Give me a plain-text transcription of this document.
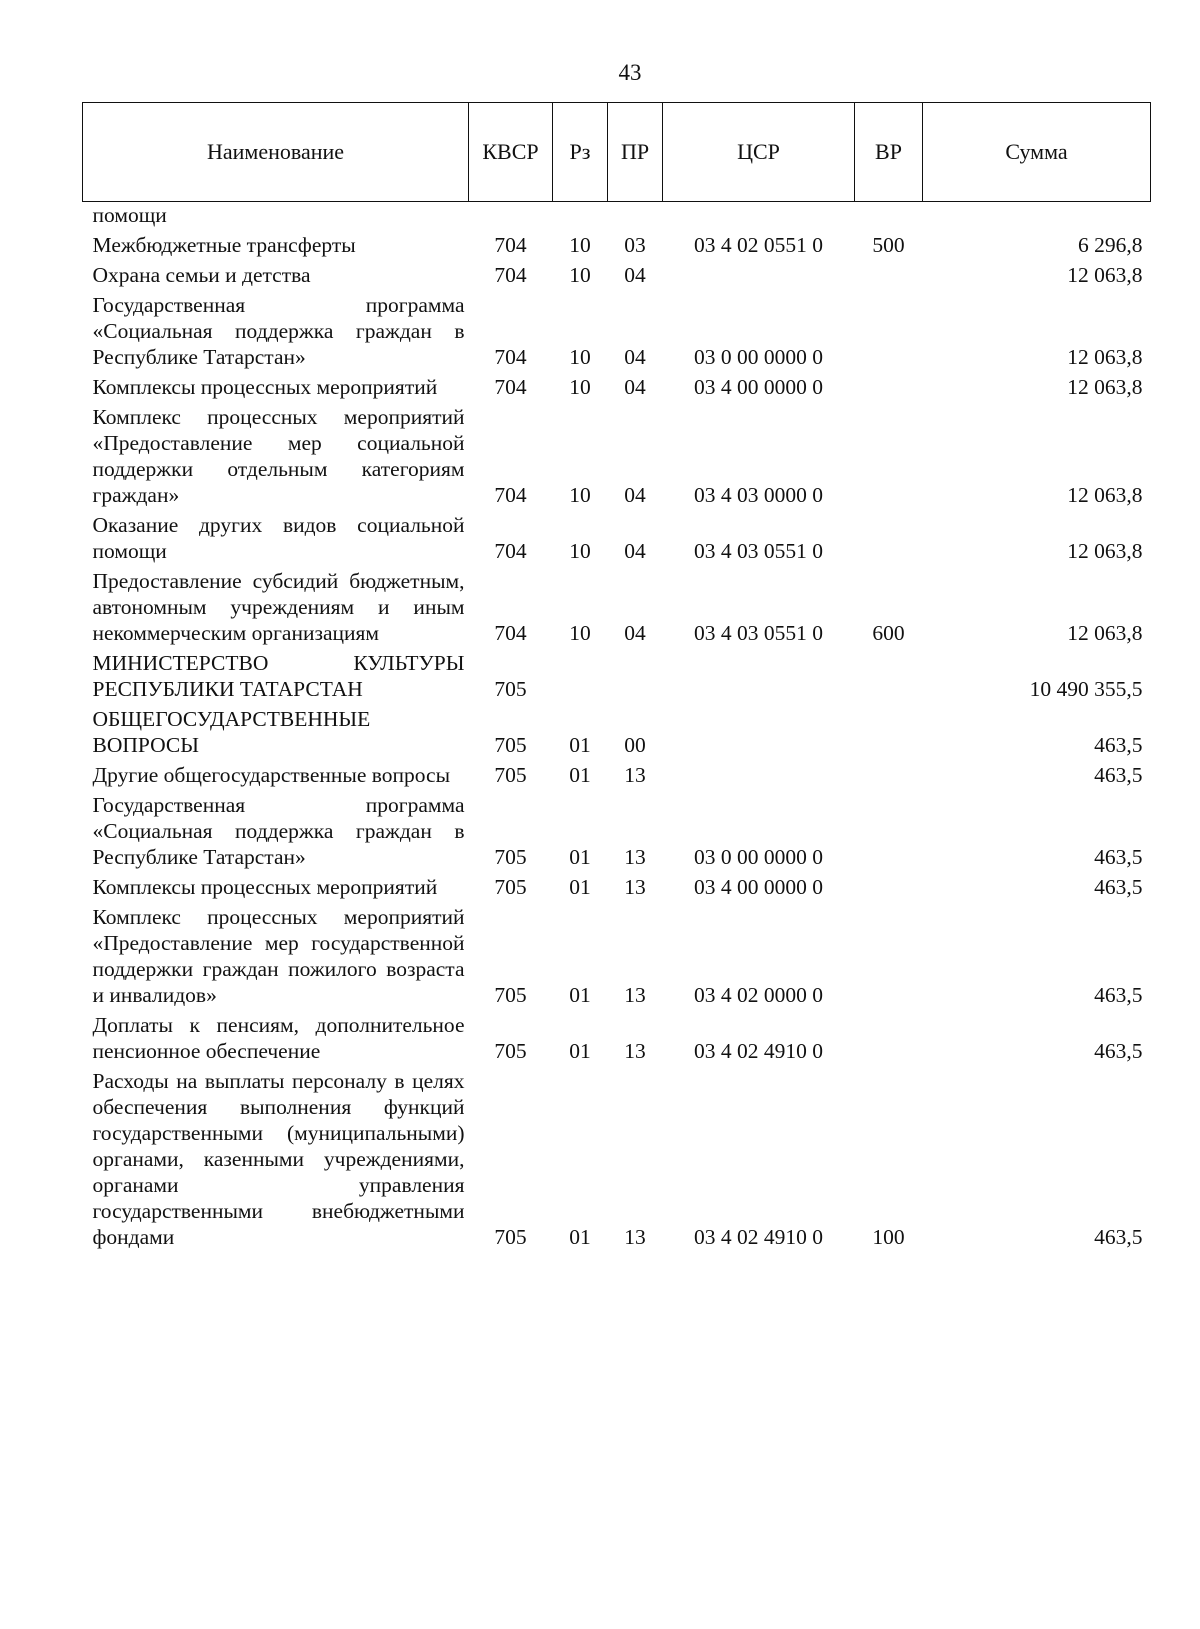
43
Наименование	КВСР	Рз	ПР	ЦСР	ВР	Сумма
помощи						
Межбюджетные трансферты	704	10	03	03 4 02 0551 0	500	6 296,8
Охрана семьи и детства	704	10	04			12 063,8
Государственная программа «Социальная поддержка граждан в Республике Татарстан»	704	10	04	03 0 00 0000 0		12 063,8
Комплексы процессных мероприятий	704	10	04	03 4 00 0000 0		12 063,8
Комплекс процессных мероприятий «Предоставление мер социальной поддержки отдельным категориям граждан»	704	10	04	03 4 03 0000 0		12 063,8
Оказание других видов социальной помощи	704	10	04	03 4 03 0551 0		12 063,8
Предоставление субсидий бюджетным, автономным учреждениям и иным некоммерческим организациям	704	10	04	03 4 03 0551 0	600	12 063,8
МИНИСТЕРСТВО КУЛЬТУРЫ РЕСПУБЛИКИ ТАТАРСТАН	705					10 490 355,5
ОБЩЕГОСУДАРСТВЕННЫЕ ВОПРОСЫ	705	01	00			463,5
Другие общегосударственные вопросы	705	01	13			463,5
Государственная программа «Социальная поддержка граждан в Республике Татарстан»	705	01	13	03 0 00 0000 0		463,5
Комплексы процессных мероприятий	705	01	13	03 4 00 0000 0		463,5
Комплекс процессных мероприятий «Предоставление мер государственной поддержки граждан пожилого возраста и инвалидов»	705	01	13	03 4 02 0000 0		463,5
Доплаты к пенсиям, дополнительное пенсионное обеспечение	705	01	13	03 4 02 4910 0		463,5
Расходы на выплаты персоналу в целях обеспечения выполнения функций государственными (муниципальными) органами, казенными учреждениями, органами управления государственными внебюджетными фондами	705	01	13	03 4 02 4910 0	100	463,5
